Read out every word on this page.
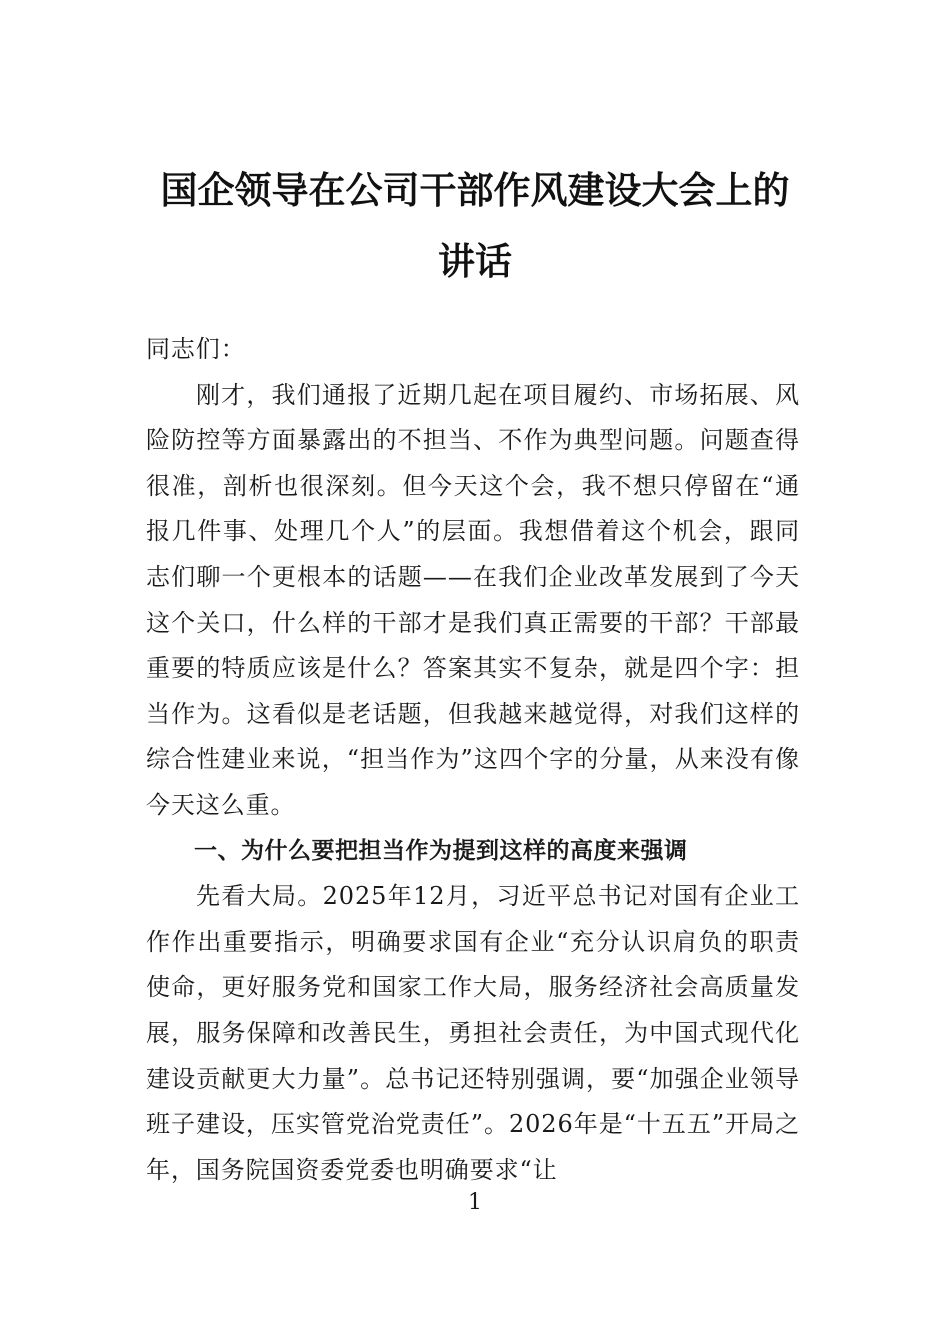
国企领导在公司干部作风建设大会上的讲话

同志们：

刚才，我们通报了近期几起在项目履约、市场拓展、风险防控等方面暴露出的不担当、不作为典型问题。问题查得很准，剖析也很深刻。但今天这个会，我不想只停留在“通报几件事、处理几个人”的层面。我想借着这个机会，跟同志们聊一个更根本的话题——在我们企业改革发展到了今天这个关口，什么样的干部才是我们真正需要的干部？干部最重要的特质应该是什么？答案其实不复杂，就是四个字：担当作为。这看似是老话题，但我越来越觉得，对我们这样的综合性建业来说，“担当作为”这四个字的分量，从来没有像今天这么重。

一、为什么要把担当作为提到这样的高度来强调

先看大局。2025年12月，习近平总书记对国有企业工作作出重要指示，明确要求国有企业“充分认识肩负的职责使命，更好服务党和国家工作大局，服务经济社会高质量发展，服务保障和改善民生，勇担社会责任，为中国式现代化建设贡献更大力量”。总书记还特别强调，要“加强企业领导班子建设，压实管党治党责任”。2026年是“十五五”开局之年，国务院国资委党委也明确要求“让

1
